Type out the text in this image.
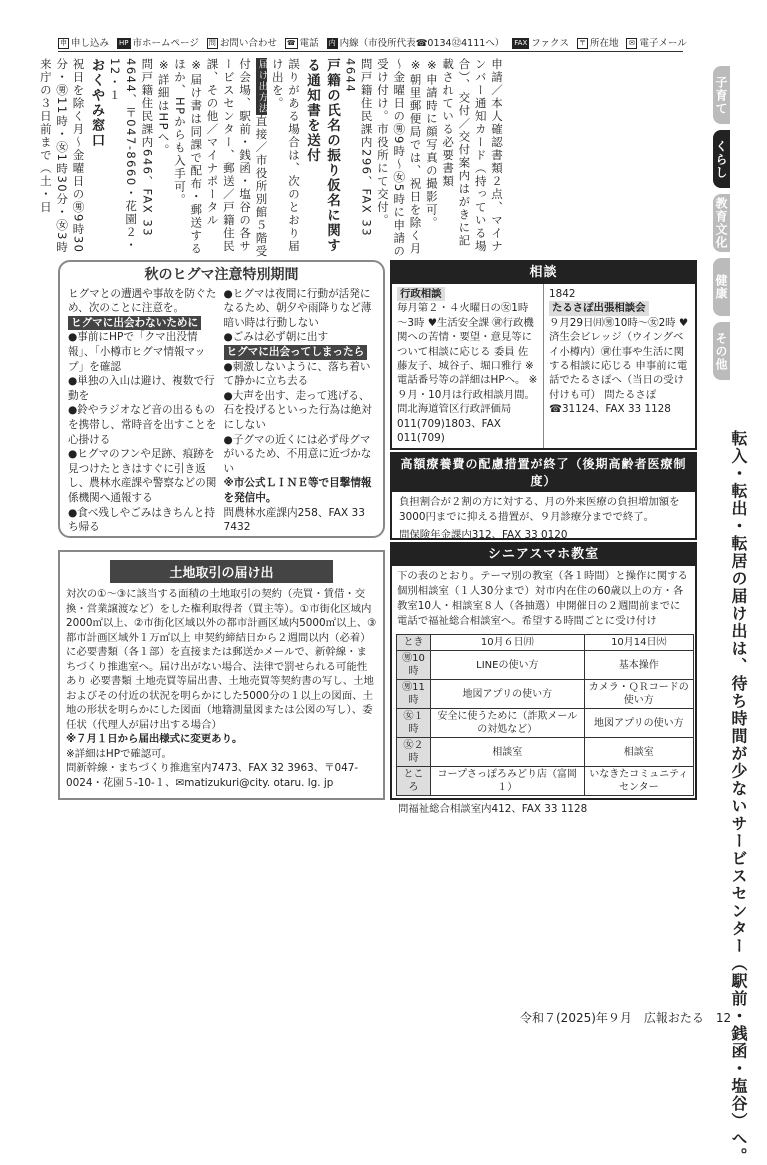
申 申し込み HP 市ホームページ 問 お問い合わせ ☎ 電話 内 内線（市役所代表☎0134㉜4111へ） FAX ファクス 〒 所在地	✉ 電子メール
申請／本人確認書類２点、マイナンバー通知カード（持っている場合）、交付／交付案内はがきに記載されている必要書類
※申請時に顔写真の撮影可。
※朝里郵便局では、祝日を除く月～金曜日の㊚9時～㊛5時に申請の受け付け。市役所にて交付。
問戸籍住民課内296、FAX 33 4644
戸籍の氏名の振り仮名に関する通知書を送付
誤りがある場合は、次のとおり届け出を。
届け出方法直接／市役所別館５階受付会場、駅前・銭函・塩谷の各サービスセンター、郵送／戸籍住民課、その他／マイナポータル
※届け書は同課で配布・郵送するほか、HPからも入手可。
※詳細はHPへ。
問戸籍住民課内646、FAX 33 4644、〒047-8660・花園２・12・１
おくやみ窓口
祝日を除く月～金曜日の㊚9時30分・㊚11時・㊛1時30分・㊛3時
来庁の３日前まで（土・日	子育て
くらし
教育文化
健康
その他
転入・転出・転居の届け出は、待ち時間が少ないサービスセンター（駅前・銭函・塩谷）へ。
秋のヒグマ注意特別期間
ヒグマとの遭遇や事故を防ぐため、次のことに注意を。
ヒグマに出会わないために
●事前にHPで「クマ出没情報」、「小樽市ヒグマ情報マップ」を確認
●単独の入山は避け、複数で行動を
●鈴やラジオなど音の出るものを携帯し、常時音を出すことを心掛ける
●ヒグマのフンや足跡、痕跡を見つけたときはすぐに引き返し、農林水産課や警察などの関係機関へ通報する
●食べ残しやごみはきちんと持ち帰る
●ヒグマは夜間に行動が活発になるため、朝夕や雨降りなど薄暗い時は行動しない
●ごみは必ず朝に出す
ヒグマに出会ってしまったら
●刺激しないように、落ち着いて静かに立ち去る
●大声を出す、走って逃げる、石を投げるといった行為は絶対にしない
●子グマの近くには必ず母グマがいるため、不用意に近づかない
※市公式ＬＩＮＥ等で目撃情報を発信中。
問農林水産課内258、FAX 33 7432
相談
行政相談
毎月第２・４火曜日の㊛1時～3時 ♥生活安全課 ㊮行政機関への苦情・要望・意見等について相談に応じる 委員 佐藤友子、城谷子、堀口雅行 ※電話番号等の詳細はHPへ。 ※９月・10月は行政相談月間。 問北海道管区行政評価局 011(709)1803、FAX 011(709)
1842
たるさぽ出張相談会
９月29日㈪㊚10時～㊛2時 ♥済生会ビレッジ（ウイングベイ小樽内）㊮仕事や生活に関する相談に応じる 申事前に電話でたるさぽへ（当日の受け付けも可） 問たるさぽ☎31124、FAX 33 1128
高額療養費の配慮措置が終了（後期高齢者医療制度）

負担割合が２割の方に対する、月の外来医療の負担増加額を3000円までに抑える措置が、９月診療分までで終了。

問保険年金課内312、FAX 33 0120

シニアスマホ教室
下の表のとおり。テーマ別の教室（各１時間）と操作に関する個別相談室（１人30分まで）対市内在住の60歳以上の方・各教室10人・相談室８人（各抽選）申開催日の２週間前までに電話で福祉総合相談室へ。希望する時間ごとに受け付け
とき	10月６日㈪	10月14日㈫
㊚10時	LINEの使い方	基本操作
㊚11時	地図アプリの使い方	カメラ・ＱＲコードの使い方
㊛１時	安全に使うために（詐欺メールの対処など）	地図アプリの使い方
㊛２時	相談室	相談室
ところ	コープさっぽろみどり店（富岡１）	いなきたコミュニティセンター
問福祉総合相談室内412、FAX 33 1128
土地取引の届け出

対次の①～③に該当する面積の土地取引の契約（売買・賃借・交換・営業譲渡など）をした権利取得者（買主等）。①市街化区域内2000㎡以上、②市街化区域以外の都市計画区域内5000㎡以上、③都市計画区域外１万㎡以上 申契約締結日から２週間以内（必着）に必要書類（各１部）を直接または郵送かメールで、新幹線・まちづくり推進室へ。届け出がない場合、法律で罰せられる可能性あり 必要書類 土地売買等届出書、土地売買等契約書の写し、土地およびその付近の状況を明らかにした5000分の１以上の図面、土地の形状を明らかにした図面（地籍測量図または公図の写し）、委任状（代理人が届け出する場合）

※７月１日から届出様式に変更あり。

※詳細はHPで確認可。

問新幹線・まちづくり推進室内7473、FAX 32 3963、〒047-0024・花園５-10-１、✉matizukuri@city. otaru. lg. jp

令和７(2025)年９月　広報おたる　12
